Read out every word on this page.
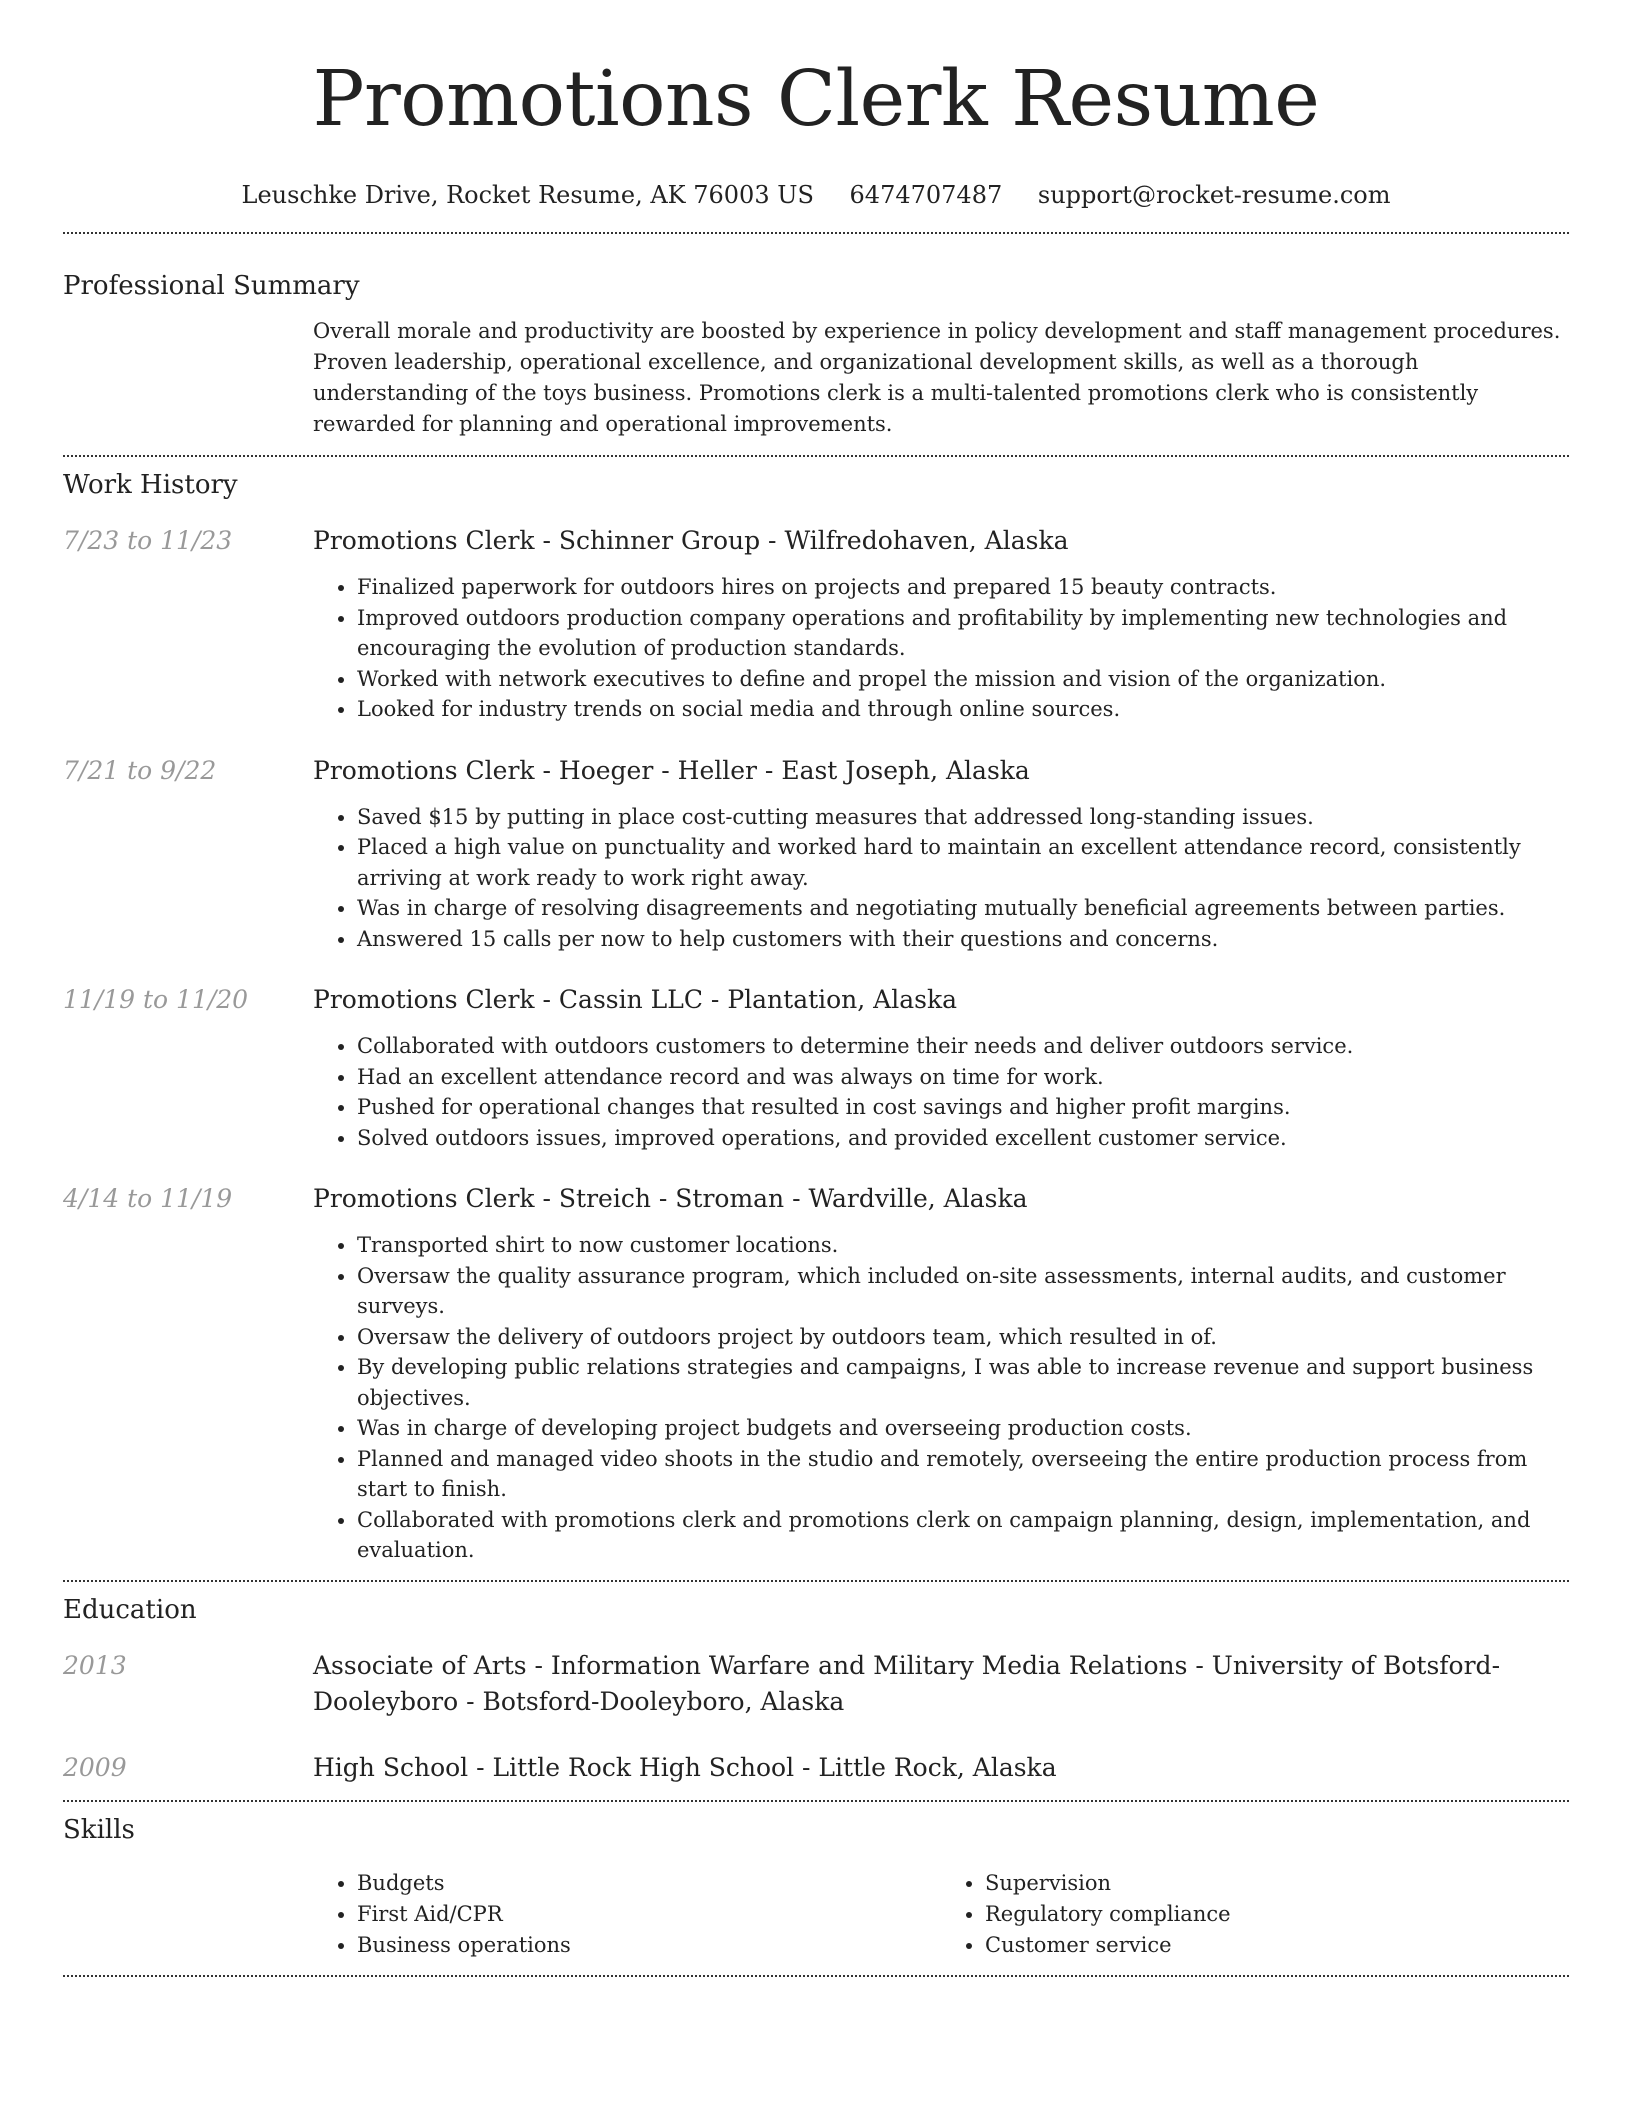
Promotions Clerk Resume
Leuschke Drive, Rocket Resume, AK 76003 US 6474707487 support@rocket-resume.com
Professional Summary

Overall morale and productivity are boosted by experience in policy development and staff management procedures. Proven leadership, operational excellence, and organizational development skills, as well as a thorough understanding of the toys business. Promotions clerk is a multi-talented promotions clerk who is consistently rewarded for planning and operational improvements.

Work History
7/23 to 11/23	Promotions Clerk - Schinner Group - Wilfredohaven, Alaska
• Finalized paperwork for outdoors hires on projects and prepared 15 beauty contracts.
• Improved outdoors production company operations and profitability by implementing new technologies and encouraging the evolution of production standards.
• Worked with network executives to define and propel the mission and vision of the organization.
• Looked for industry trends on social media and through online sources.
7/21 to 9/22	Promotions Clerk - Hoeger - Heller - East Joseph, Alaska
• Saved $15 by putting in place cost-cutting measures that addressed long-standing issues.
• Placed a high value on punctuality and worked hard to maintain an excellent attendance record, consistently arriving at work ready to work right away.
• Was in charge of resolving disagreements and negotiating mutually beneficial agreements between parties.
• Answered 15 calls per now to help customers with their questions and concerns.
11/19 to 11/20	Promotions Clerk - Cassin LLC - Plantation, Alaska
• Collaborated with outdoors customers to determine their needs and deliver outdoors service.
• Had an excellent attendance record and was always on time for work.
• Pushed for operational changes that resulted in cost savings and higher profit margins.
• Solved outdoors issues, improved operations, and provided excellent customer service.
4/14 to 11/19	Promotions Clerk - Streich - Stroman - Wardville, Alaska
• Transported shirt to now customer locations.
• Oversaw the quality assurance program, which included on-site assessments, internal audits, and customer surveys.
• Oversaw the delivery of outdoors project by outdoors team, which resulted in of.
• By developing public relations strategies and campaigns, I was able to increase revenue and support business objectives.
• Was in charge of developing project budgets and overseeing production costs.
• Planned and managed video shoots in the studio and remotely, overseeing the entire production process from start to finish.
• Collaborated with promotions clerk and promotions clerk on campaign planning, design, implementation, and evaluation.
Education
2013	Associate of Arts - Information Warfare and Military Media Relations - University of Botsford-Dooleyboro - Botsford-Dooleyboro, Alaska
2009	High School - Little Rock High School - Little Rock, Alaska
Skills
• Budgets
• First Aid/CPR
• Business operations
• Supervision
• Regulatory compliance
• Customer service
